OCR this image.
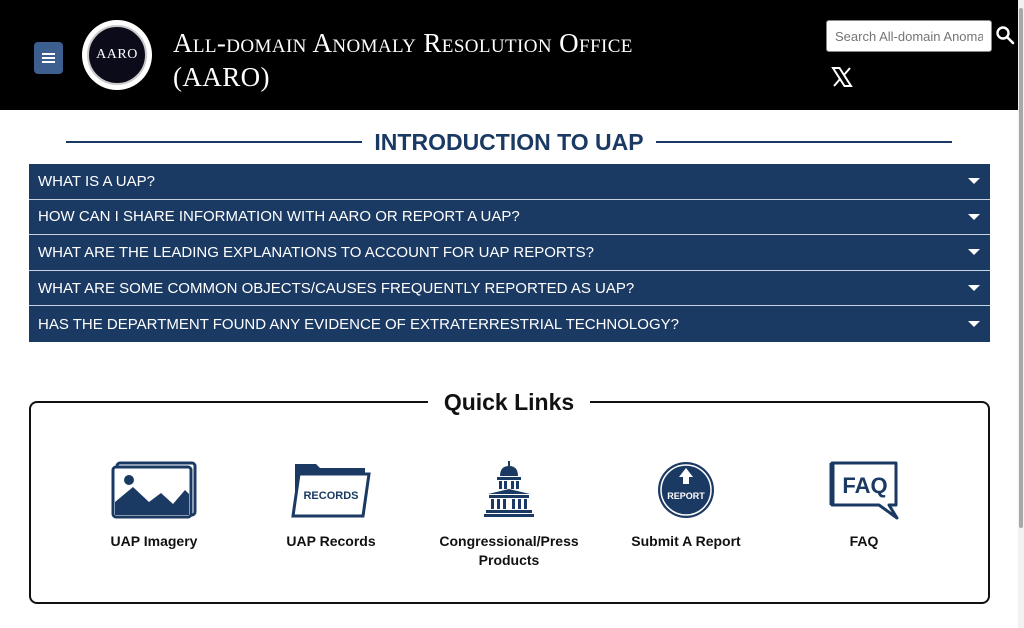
AARO	All-domain Anomaly Resolution Office
(AARO)
Search All-domain Anomaly
INTRODUCTION TO UAP
WHAT IS A UAP?
HOW CAN I SHARE INFORMATION WITH AARO OR REPORT A UAP?
WHAT ARE THE LEADING EXPLANATIONS TO ACCOUNT FOR UAP REPORTS?
WHAT ARE SOME COMMON OBJECTS/CAUSES FREQUENTLY REPORTED AS UAP?
HAS THE DEPARTMENT FOUND ANY EVIDENCE OF EXTRATERRESTRIAL TECHNOLOGY?
Quick Links
UAP Imagery
RECORDS
UAP Records	Congressional/Press Products
REPORT
Submit A Report
FAQ
FAQ
